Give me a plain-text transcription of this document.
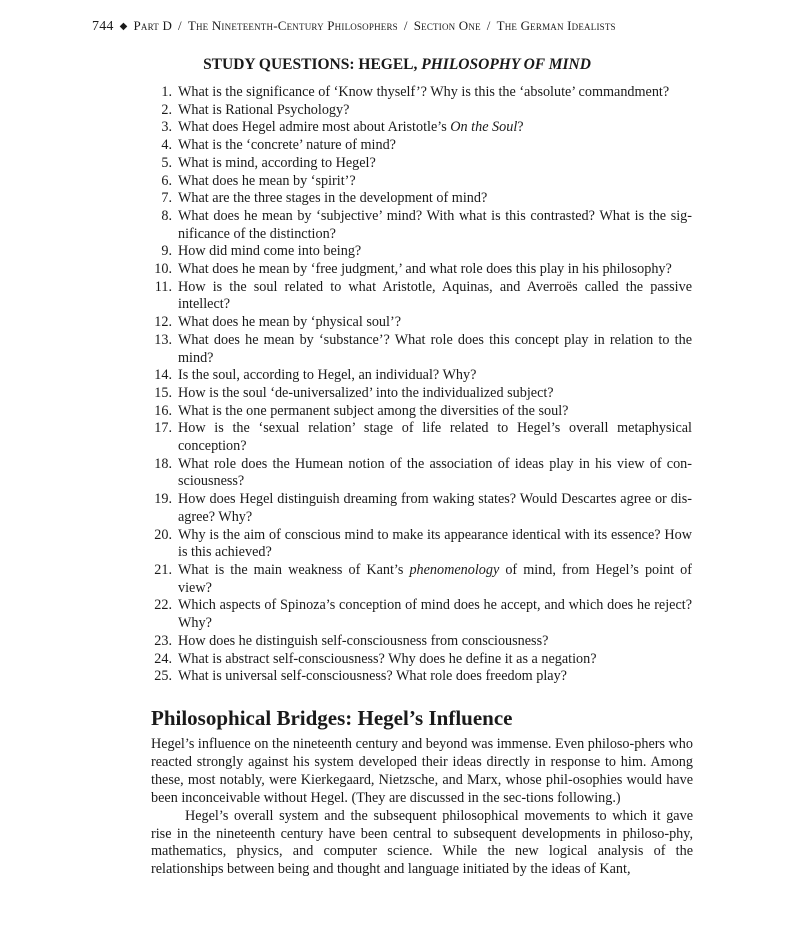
744 ◆ Part D / The Nineteenth-Century Philosophers / Section One / The German Idealists
STUDY QUESTIONS: HEGEL, PHILOSOPHY OF MIND
1. What is the significance of ‘Know thyself’? Why is this the ‘absolute’ commandment?
2. What is Rational Psychology?
3. What does Hegel admire most about Aristotle’s On the Soul?
4. What is the ‘concrete’ nature of mind?
5. What is mind, according to Hegel?
6. What does he mean by ‘spirit’?
7. What are the three stages in the development of mind?
8. What does he mean by ‘subjective’ mind? With what is this contrasted? What is the sig-nificance of the distinction?
9. How did mind come into being?
10. What does he mean by ‘free judgment,’ and what role does this play in his philosophy?
11. How is the soul related to what Aristotle, Aquinas, and Averroës called the passive intellect?
12. What does he mean by ‘physical soul’?
13. What does he mean by ‘substance’? What role does this concept play in relation to the mind?
14. Is the soul, according to Hegel, an individual? Why?
15. How is the soul ‘de-universalized’ into the individualized subject?
16. What is the one permanent subject among the diversities of the soul?
17. How is the ‘sexual relation’ stage of life related to Hegel’s overall metaphysical conception?
18. What role does the Humean notion of the association of ideas play in his view of con-sciousness?
19. How does Hegel distinguish dreaming from waking states? Would Descartes agree or dis-agree? Why?
20. Why is the aim of conscious mind to make its appearance identical with its essence? How is this achieved?
21. What is the main weakness of Kant’s phenomenology of mind, from Hegel’s point of view?
22. Which aspects of Spinoza’s conception of mind does he accept, and which does he reject? Why?
23. How does he distinguish self-consciousness from consciousness?
24. What is abstract self-consciousness? Why does he define it as a negation?
25. What is universal self-consciousness? What role does freedom play?
Philosophical Bridges: Hegel’s Influence

Hegel’s influence on the nineteenth century and beyond was immense. Even philoso-phers who reacted strongly against his system developed their ideas directly in response to him. Among these, most notably, were Kierkegaard, Nietzsche, and Marx, whose phil-osophies would have been inconceivable without Hegel. (They are discussed in the sec-tions following.)

Hegel’s overall system and the subsequent philosophical movements to which it gave rise in the nineteenth century have been central to subsequent developments in philoso-phy, mathematics, physics, and computer science. While the new logical analysis of the relationships between being and thought and language initiated by the ideas of Kant,
